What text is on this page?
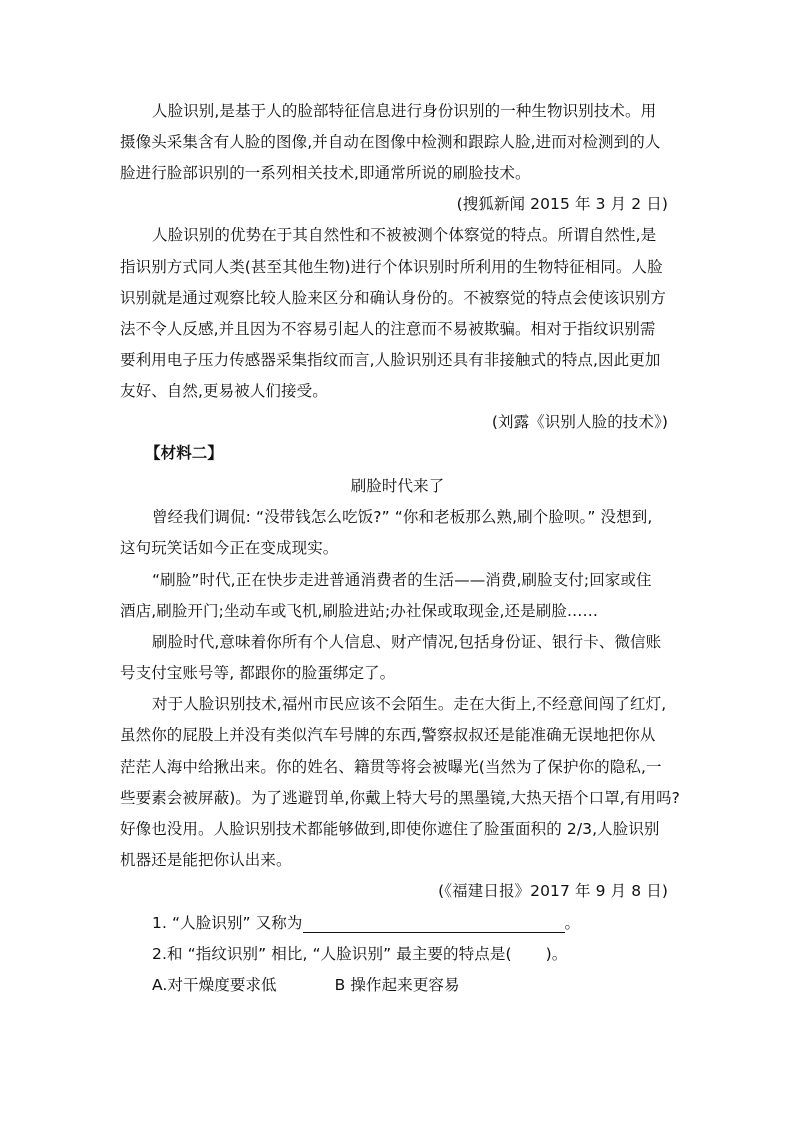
人脸识别,是基于人的脸部特征信息进行身份识别的一种生物识别技术。用
摄像头采集含有人脸的图像,并自动在图像中检测和跟踪人脸,进而对检测到的人
脸进行脸部识别的一系列相关技术,即通常所说的刷脸技术。
(搜狐新闻 2015 年 3 月 2 日)
人脸识别的优势在于其自然性和不被被测个体察觉的特点。所谓自然性,是
指识别方式同人类(甚至其他生物)进行个体识别时所利用的生物特征相同。人脸
识别就是通过观察比较人脸来区分和确认身份的。不被察觉的特点会使该识别方
法不令人反感,并且因为不容易引起人的注意而不易被欺骗。相对于指纹识别需
要利用电子压力传感器采集指纹而言,人脸识别还具有非接触式的特点,因此更加
友好、自然,更易被人们接受。
(刘露《识别人脸的技术》)
【材料二】
刷脸时代来了
曾经我们调侃: “没带钱怎么吃饭?” “你和老板那么熟,刷个脸呗。” 没想到,
这句玩笑话如今正在变成现实。
“刷脸”时代,正在快步走进普通消费者的生活——消费,刷脸支付;回家或住
酒店,刷脸开门;坐动车或飞机,刷脸进站;办社保或取现金,还是刷脸……
刷脸时代,意味着你所有个人信息、财产情况,包括身份证、银行卡、微信账
号支付宝账号等, 都跟你的脸蛋绑定了。
对于人脸识别技术,福州市民应该不会陌生。走在大街上,不经意间闯了红灯,
虽然你的屁股上并没有类似汽车号牌的东西,警察叔叔还是能准确无误地把你从
茫茫人海中给揪出来。你的姓名、籍贯等将会被曝光(当然为了保护你的隐私,一
些要素会被屏蔽)。为了逃避罚单,你戴上特大号的黑墨镜,大热天捂个口罩,有用吗?
好像也没用。人脸识别技术都能够做到,即使你遮住了脸蛋面积的 2/3,人脸识别
机器还是能把你认出来。
(《福建日报》2017 年 9 月 8 日)
1. “人脸识别” 又称为	。
2.和 “指纹识别” 相比, “人脸识别” 最主要的特点是( )。
A.对干燥度要求低	B 操作起来更容易
